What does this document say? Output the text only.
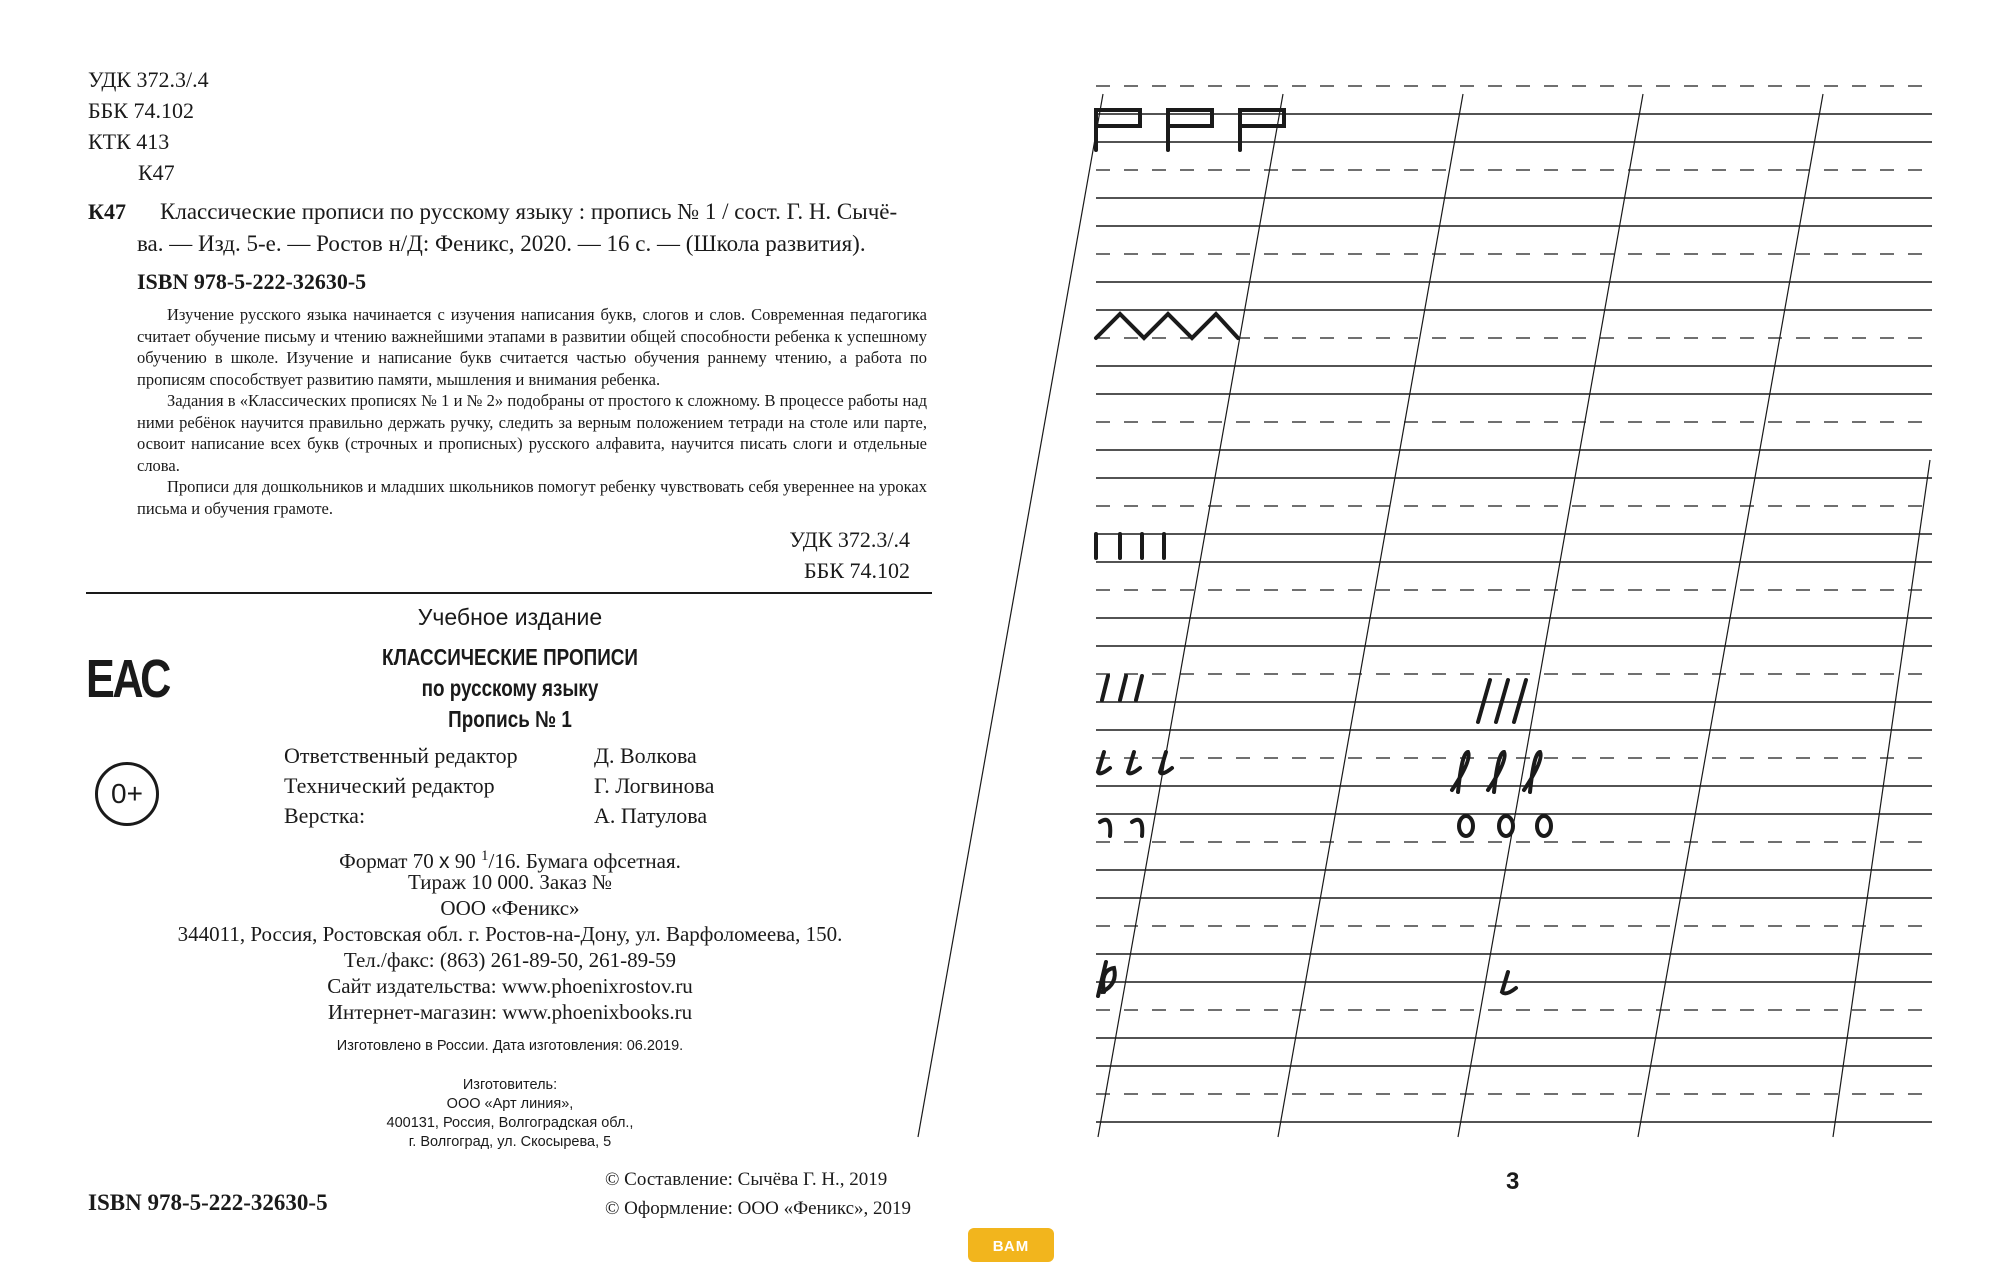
УДК 372.3/.4
ББК 74.102
КТК 413
К47
К47 Классические прописи по русскому языку : пропись № 1 / сост. Г. Н. Сычё-
ва. — Изд. 5-е. — Ростов н/Д: Феникс, 2020. — 16 с. — (Школа развития).
ISBN 978-5-222-32630-5

Изучение русского языка начинается с изучения написания букв, слогов и слов. Современная педагогика считает обучение письму и чтению важнейшими этапами в развитии общей способности ребенка к успешному обучению в школе. Изучение и написание букв считается частью обучения раннему чтению, а работа по прописям способствует развитию памяти, мышления и внимания ребенка.

Задания в «Классических прописях № 1 и № 2» подобраны от простого к сложному. В процессе работы над ними ребёнок научится правильно держать ручку, следить за верным положением тетради на столе или парте, освоит написание всех букв (строчных и прописных) русского алфавита, научится писать слоги и отдельные слова.

Прописи для дошкольников и младших школьников помогут ребенку чувствовать себя увереннее на уроках письма и обучения грамоте.

УДК 372.3/.4
ББК 74.102
Учебное издание
ЕАС
0+
КЛАССИЧЕСКИЕ ПРОПИСИ
по русскому языку
Пропись № 1
Ответственный редактор	Д. Волкова
Технический редактор	Г. Логвинова
Верстка:	А. Патулова
Формат 70 x 90 $^1$/16. Бумага офсетная.
Тираж 10 000. Заказ №
ООО «Феникс»
344011, Россия, Ростовская обл. г. Ростов-на-Дону, ул. Варфоломеева, 150.
Тел./факс: (863) 261-89-50, 261-89-59
Сайт издательства: www.phoenixrostov.ru
Интернет-магазин: www.phoenixbooks.ru
Изготовлено в России. Дата изготовления: 06.2019.
Изготовитель:
ООО «Арт линия»,
400131, Россия, Волгоградская обл.,
г. Волгоград, ул. Скосырева, 5
© Составление: Сычёва Г. Н., 2019
© Оформление: ООО «Феникс», 2019
ISBN 978-5-222-32630-5
3
ВАМ
